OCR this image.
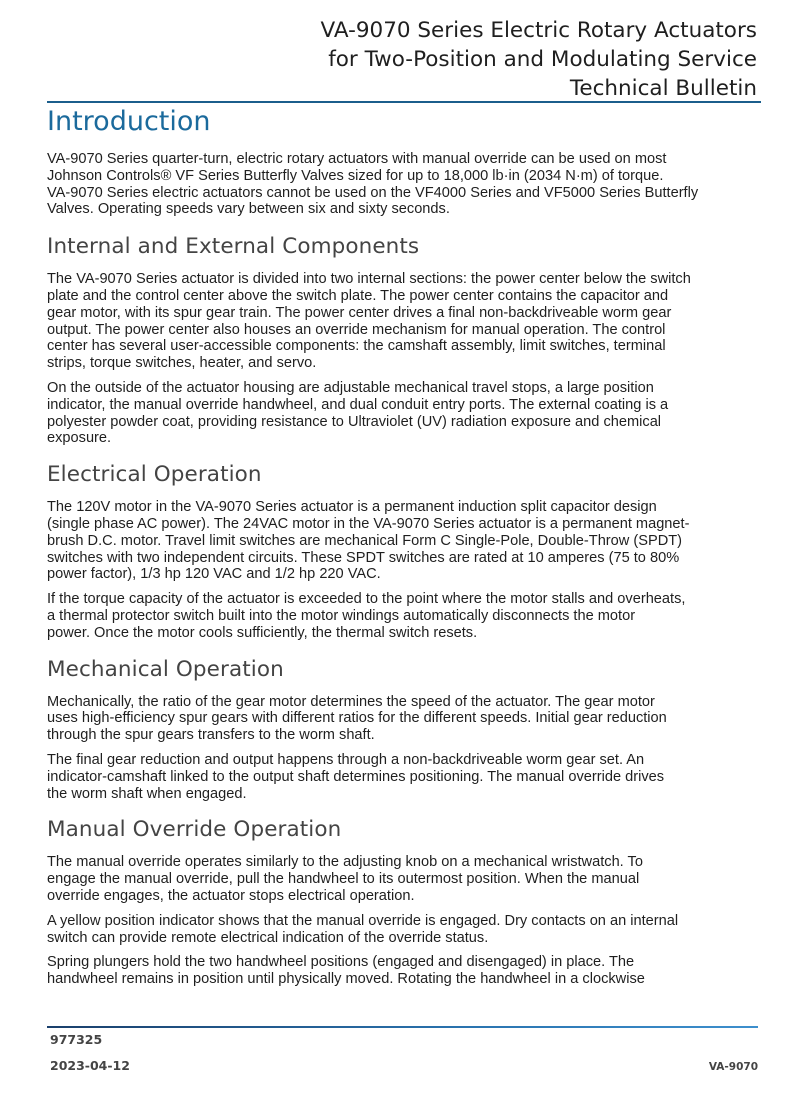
VA-9070 Series Electric Rotary Actuators
for Two-Position and Modulating Service
Technical Bulletin
Introduction

VA-9070 Series quarter-turn, electric rotary actuators with manual override can be used on most
Johnson Controls® VF Series Butterfly Valves sized for up to 18,000 lb·in (2034 N·m) of torque.
VA-9070 Series electric actuators cannot be used on the VF4000 Series and VF5000 Series Butterfly
Valves. Operating speeds vary between six and sixty seconds.

Internal and External Components

The VA-9070 Series actuator is divided into two internal sections: the power center below the switch
plate and the control center above the switch plate. The power center contains the capacitor and
gear motor, with its spur gear train. The power center drives a final non-backdriveable worm gear
output. The power center also houses an override mechanism for manual operation. The control
center has several user-accessible components: the camshaft assembly, limit switches, terminal
strips, torque switches, heater, and servo.

On the outside of the actuator housing are adjustable mechanical travel stops, a large position
indicator, the manual override handwheel, and dual conduit entry ports. The external coating is a
polyester powder coat, providing resistance to Ultraviolet (UV) radiation exposure and chemical
exposure.

Electrical Operation

The 120V motor in the VA-9070 Series actuator is a permanent induction split capacitor design
(single phase AC power). The 24VAC motor in the VA-9070 Series actuator is a permanent magnet-
brush D.C. motor. Travel limit switches are mechanical Form C Single-Pole, Double-Throw (SPDT)
switches with two independent circuits. These SPDT switches are rated at 10 amperes (75 to 80%
power factor), 1/3 hp 120 VAC and 1/2 hp 220 VAC.

If the torque capacity of the actuator is exceeded to the point where the motor stalls and overheats,
a thermal protector switch built into the motor windings automatically disconnects the motor
power. Once the motor cools sufficiently, the thermal switch resets.

Mechanical Operation

Mechanically, the ratio of the gear motor determines the speed of the actuator. The gear motor
uses high-efficiency spur gears with different ratios for the different speeds. Initial gear reduction
through the spur gears transfers to the worm shaft.

The final gear reduction and output happens through a non-backdriveable worm gear set. An
indicator-camshaft linked to the output shaft determines positioning. The manual override drives
the worm shaft when engaged.

Manual Override Operation

The manual override operates similarly to the adjusting knob on a mechanical wristwatch. To
engage the manual override, pull the handwheel to its outermost position. When the manual
override engages, the actuator stops electrical operation.

A yellow position indicator shows that the manual override is engaged. Dry contacts on an internal
switch can provide remote electrical indication of the override status.

Spring plungers hold the two handwheel positions (engaged and disengaged) in place. The
handwheel remains in position until physically moved. Rotating the handwheel in a clockwise

977325
2023-04-12	VA-9070
